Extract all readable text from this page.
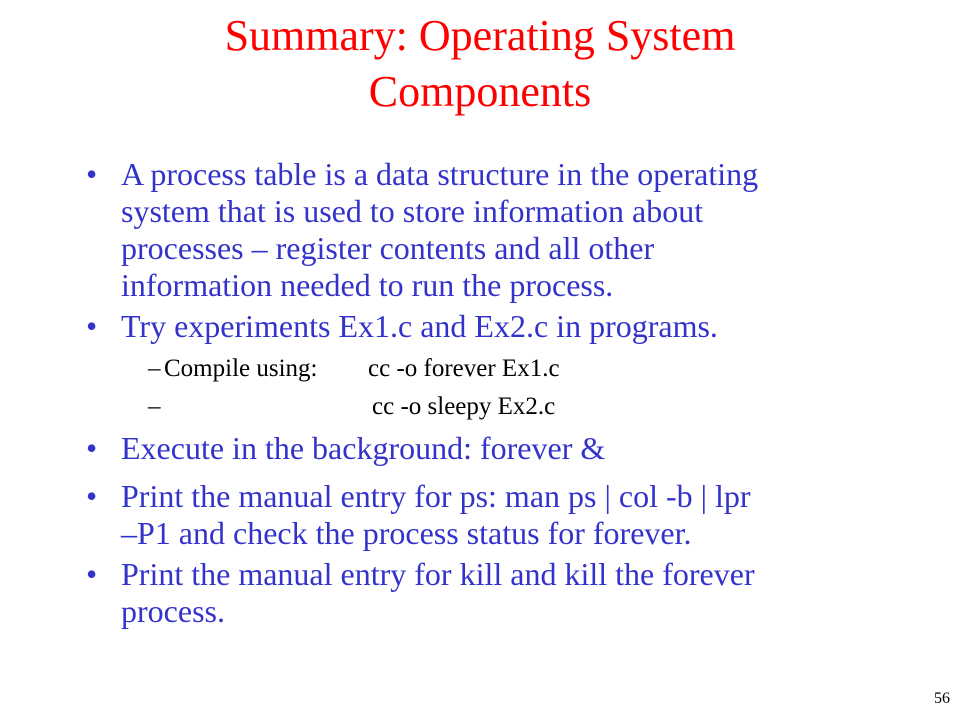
Summary: Operating System
Components
• A process table is a data structure in the operating
system that is used to store information about
processes – register contents and all other
information needed to run the process.
• Try experiments Ex1.c and Ex2.c in programs.

–

Compile using:

cc -o forever Ex1.c

–

	cc -o sleepy Ex2.c

• Execute in the background: forever &
• Print the manual entry for ps: man ps | col -b | lpr
–P1 and check the process status for forever.
• Print the manual entry for kill and kill the forever
process.
56
